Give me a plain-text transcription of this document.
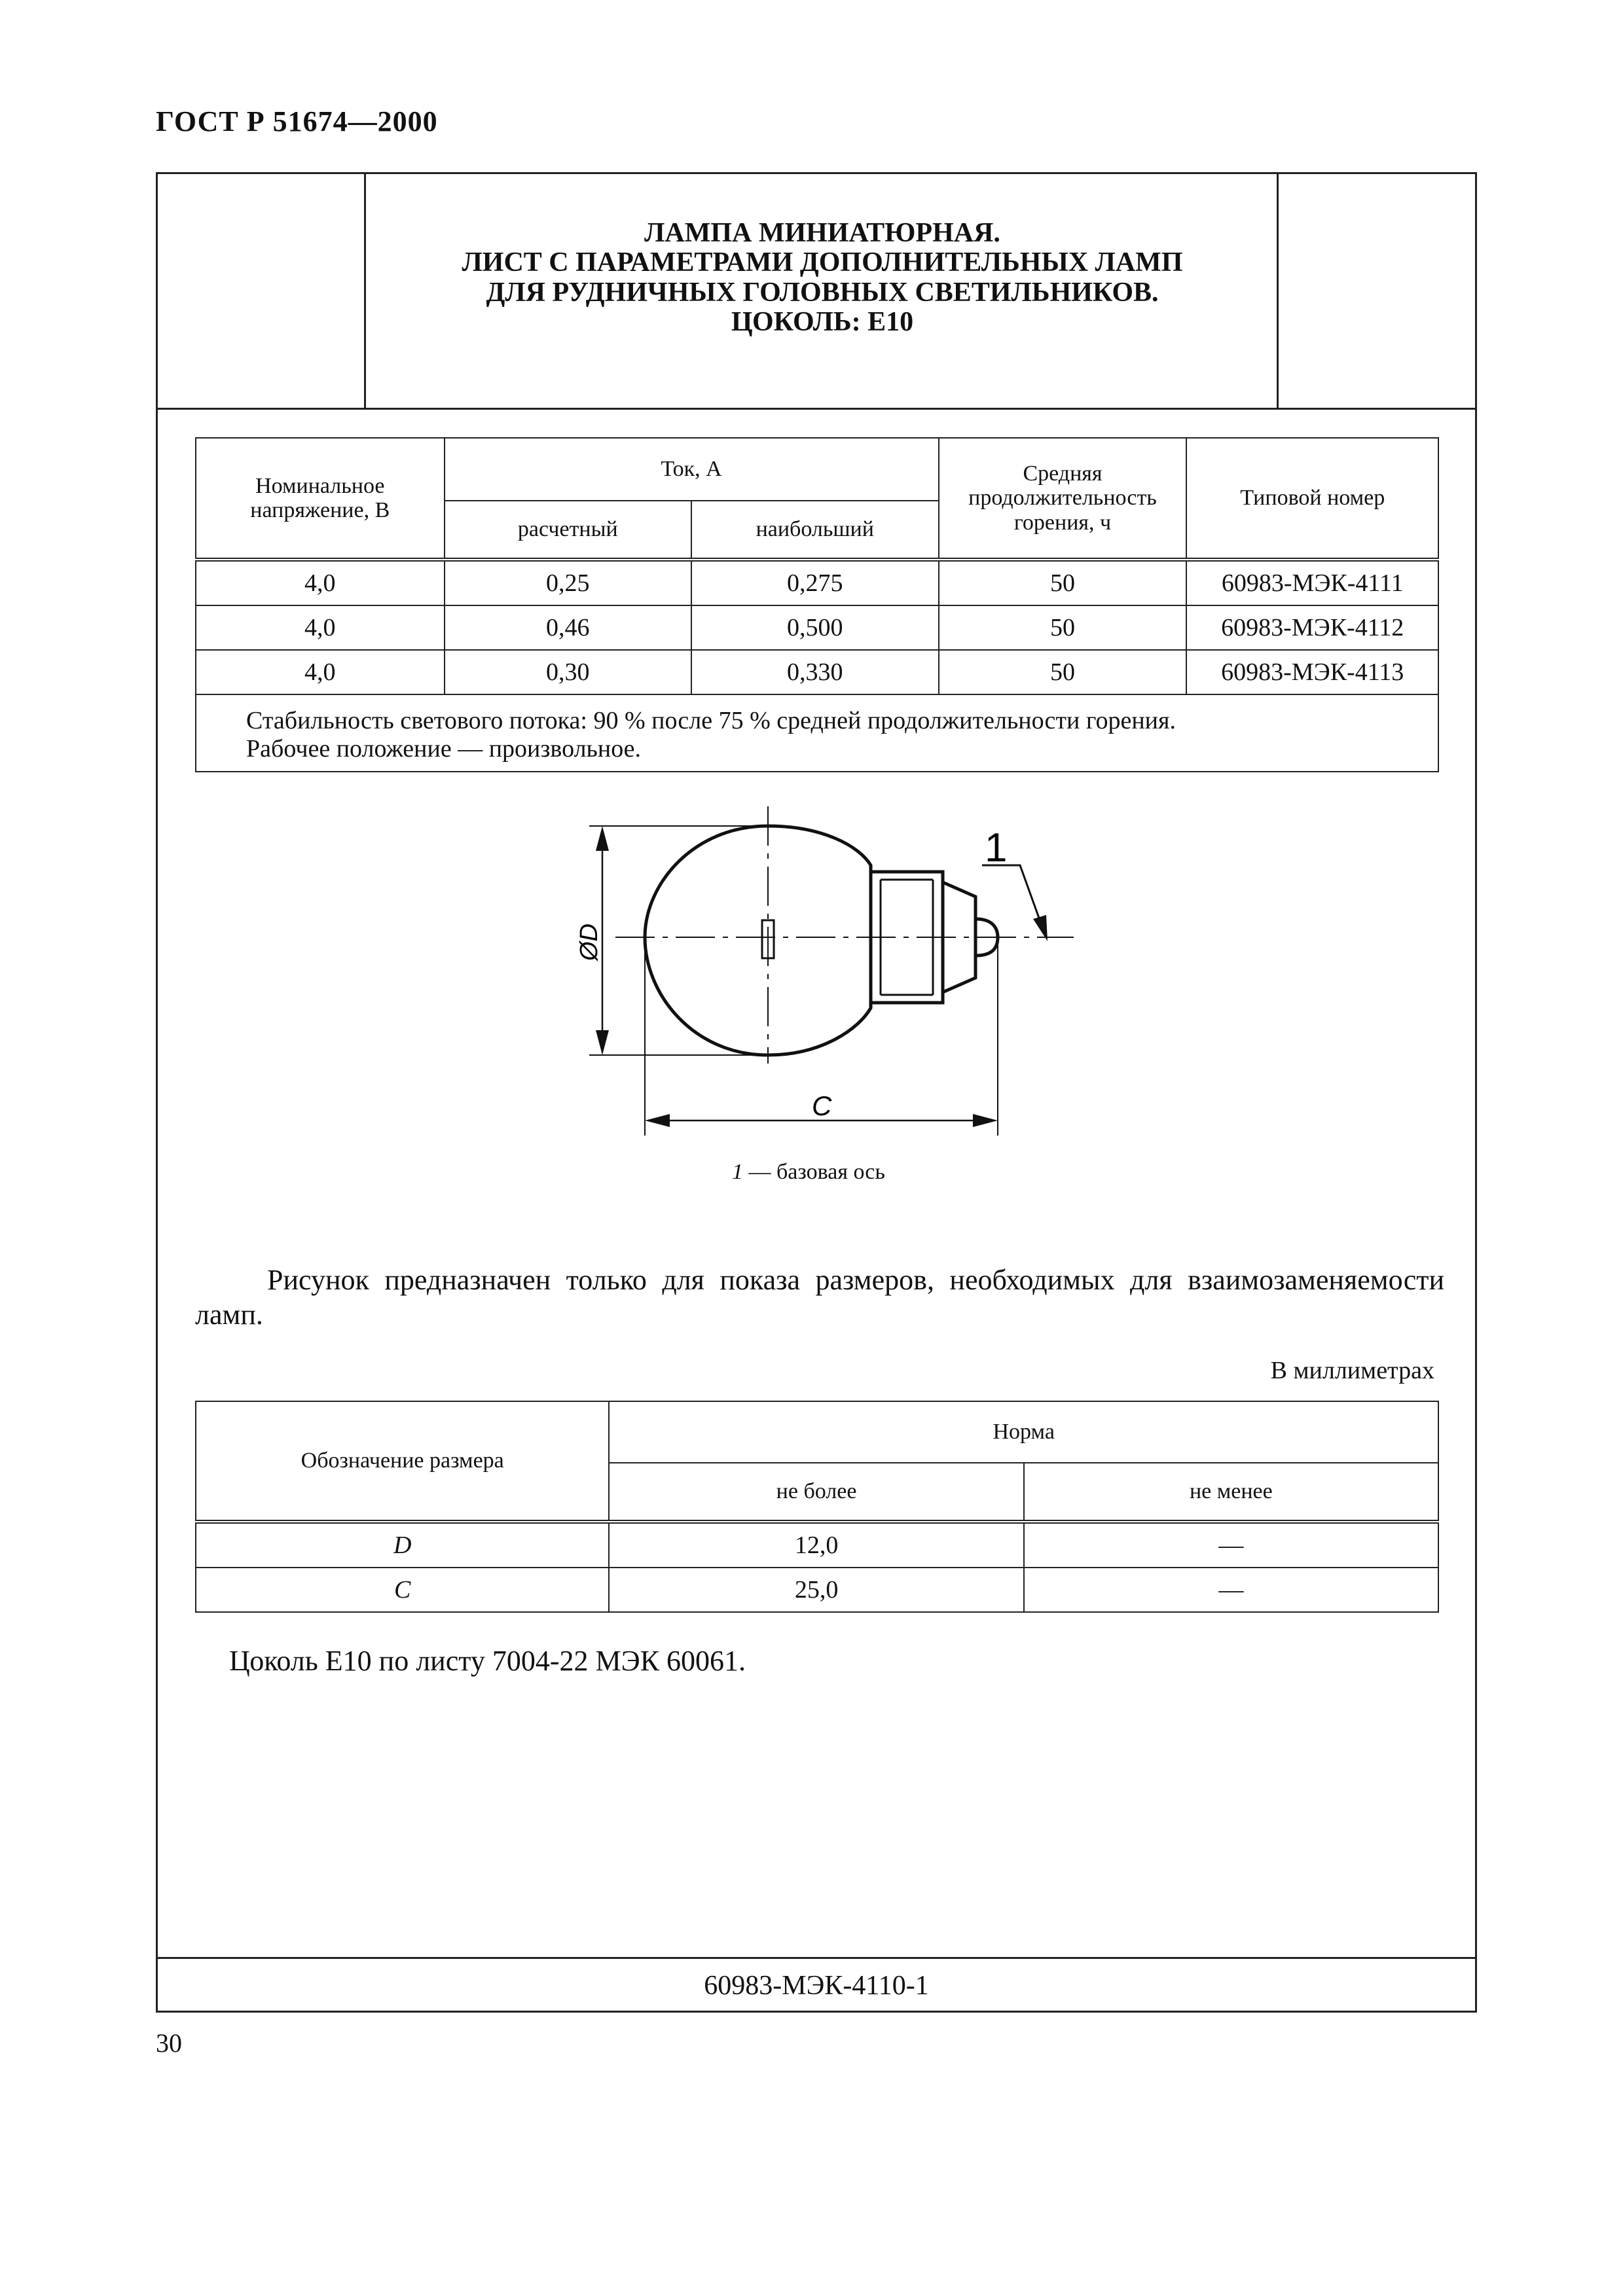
ГОСТ Р 51674—2000
ЛАМПА МИНИАТЮРНАЯ.
ЛИСТ С ПАРАМЕТРАМИ ДОПОЛНИТЕЛЬНЫХ ЛАМП
ДЛЯ РУДНИЧНЫХ ГОЛОВНЫХ СВЕТИЛЬНИКОВ.
ЦОКОЛЬ: Е10
60983-МЭК-4110-1
Номинальное напряжение, В	Ток, А		Средняя продолжительность горения, ч	Типовой номер
	расчетный	наибольший		
4,0	0,25	0,275	50	60983-МЭК-4111
4,0	0,46	0,500	50	60983-МЭК-4112
4,0	0,30	0,330	50	60983-МЭК-4113

Стабильность светового потока: 90 % после 75 % средней продолжительности горения.
Рабочее положение — произвольное.				
ØD
C
1
1 — базовая ось
Рисунок предназначен только для показа размеров, необходимых для взаимозаменяемости ламп.
В миллиметрах
Обозначение размера	Норма	
	не более	не менее
D	12,0	—
C	25,0	—
Цоколь Е10 по листу 7004-22 МЭК 60061.
30
